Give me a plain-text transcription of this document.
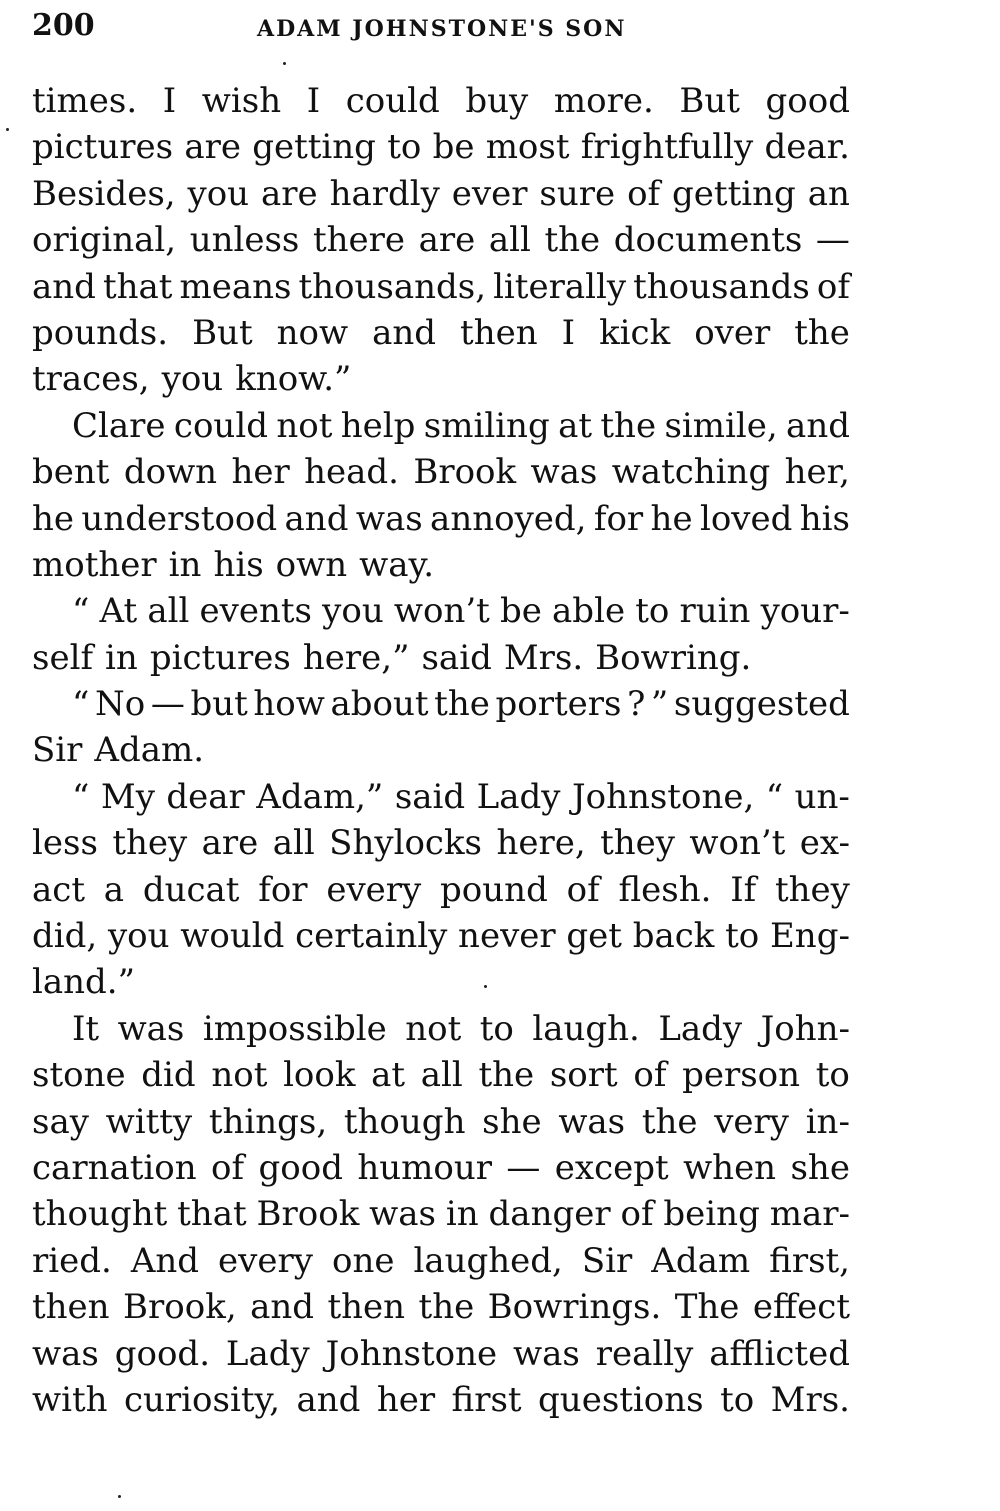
200	ADAM JOHNSTONE'S SON
times. I wish I could buy more. But good
pictures are getting to be most frightfully dear.
Besides, you are hardly ever sure of getting an
original, unless there are all the documents —
and that means thousands, literally thousands of
pounds. But now and then I kick over the
traces, you know.”
Clare could not help smiling at the simile, and
bent down her head. Brook was watching her,
he understood and was annoyed, for he loved his
mother in his own way.
“ At all events you won’t be able to ruin your-
self in pictures here,” said Mrs. Bowring.
“ No — but how about the porters ? ” suggested
Sir Adam.
“ My dear Adam,” said Lady Johnstone, “ un-
less they are all Shylocks here, they won’t ex-
act a ducat for every pound of flesh. If they
did, you would certainly never get back to Eng-
land.”
It was impossible not to laugh. Lady John-
stone did not look at all the sort of person to
say witty things, though she was the very in-
carnation of good humour — except when she
thought that Brook was in danger of being mar-
ried. And every one laughed, Sir Adam first,
then Brook, and then the Bowrings. The effect
was good. Lady Johnstone was really afflicted
with curiosity, and her first questions to Mrs.
